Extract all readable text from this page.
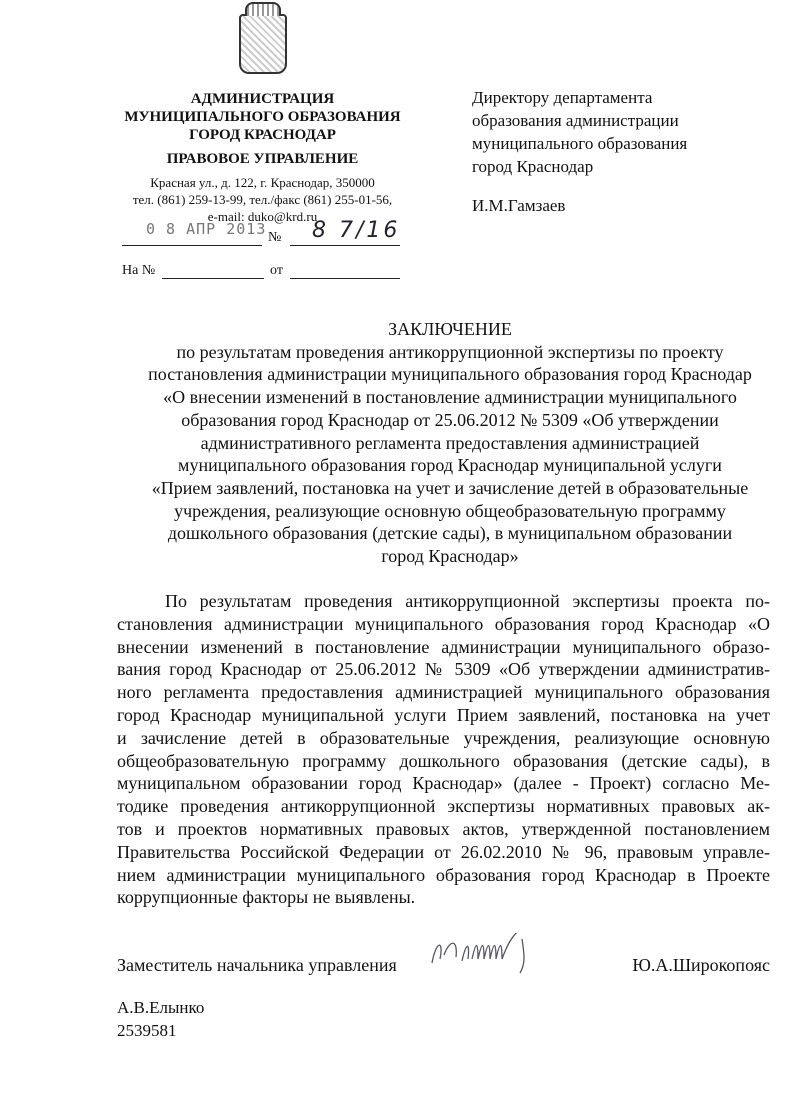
АДМИНИСТРАЦИЯ
МУНИЦИПАЛЬНОГО ОБРАЗОВАНИЯ
ГОРОД КРАСНОДАР
ПРАВОВОЕ УПРАВЛЕНИЕ
Красная ул., д. 122, г. Краснодар, 350000
тел. (861) 259-13-99, тел./факс (861) 255-01-56,
e-mail: duko@krd.ru
0 8 АПР 2013 № 8 7/16
На №	от
Директору департамента
образования администрации
муниципального образования
город Краснодар
И.М.Гамзаев
ЗАКЛЮЧЕНИЕ
по результатам проведения антикоррупционной экспертизы по проекту
постановления администрации муниципального образования город Краснодар
«О внесении изменений в постановление администрации муниципального
образования город Краснодар от 25.06.2012 № 5309 «Об утверждении
административного регламента предоставления администрацией
муниципального образования город Краснодар муниципальной услуги
«Прием заявлений, постановка на учет и зачисление детей в образовательные
учреждения, реализующие основную общеобразовательную программу
дошкольного образования (детские сады), в муниципальном образовании
город Краснодар»
По результатам проведения антикоррупционной экспертизы проекта по-
становления администрации муниципального образования город Краснодар «О
внесении изменений в постановление администрации муниципального образо-
вания город Краснодар от 25.06.2012 № 5309 «Об утверждении административ-
ного регламента предоставления администрацией муниципального образования
город Краснодар муниципальной услуги Прием заявлений, постановка на учет
и зачисление детей в образовательные учреждения, реализующие основную
общеобразовательную программу дошкольного образования (детские сады), в
муниципальном образовании город Краснодар» (далее - Проект) согласно Ме-
тодике проведения антикоррупционной экспертизы нормативных правовых ак-
тов и проектов нормативных правовых актов, утвержденной постановлением
Правительства Российской Федерации от 26.02.2010 № 96, правовым управле-
нием администрации муниципального образования город Краснодар в Проекте
коррупционные факторы не выявлены.
Заместитель начальника управления	Ю.А.Широкопояс
А.В.Елынко
2539581
